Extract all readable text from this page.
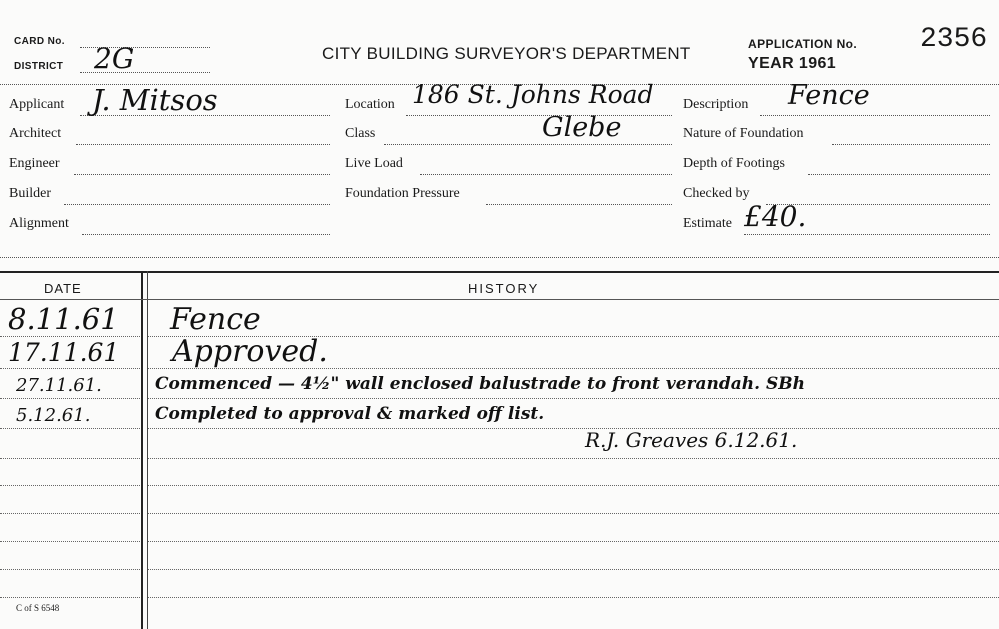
CARD No.
DISTRICT 2G	CITY BUILDING SURVEYOR'S DEPARTMENT	APPLICATION No. 2356
YEAR 1961
Applicant J. Mitsos
Architect
Engineer
Builder
Alignment
Location 186 St. Johns Road
Class	Glebe
Live Load
Foundation Pressure
Description Fence
Nature of Foundation
Depth of Footings
Checked by
Estimate £40.
DATE	HISTORY
8.11.61 Fence
17.11.61 Approved.
27.11.61.	Commenced — 4½" wall enclosed balustrade to front verandah. SBh
5.12.61.	Completed to approval & marked off list.
R.J. Greaves 6.12.61.
C of S 6548
